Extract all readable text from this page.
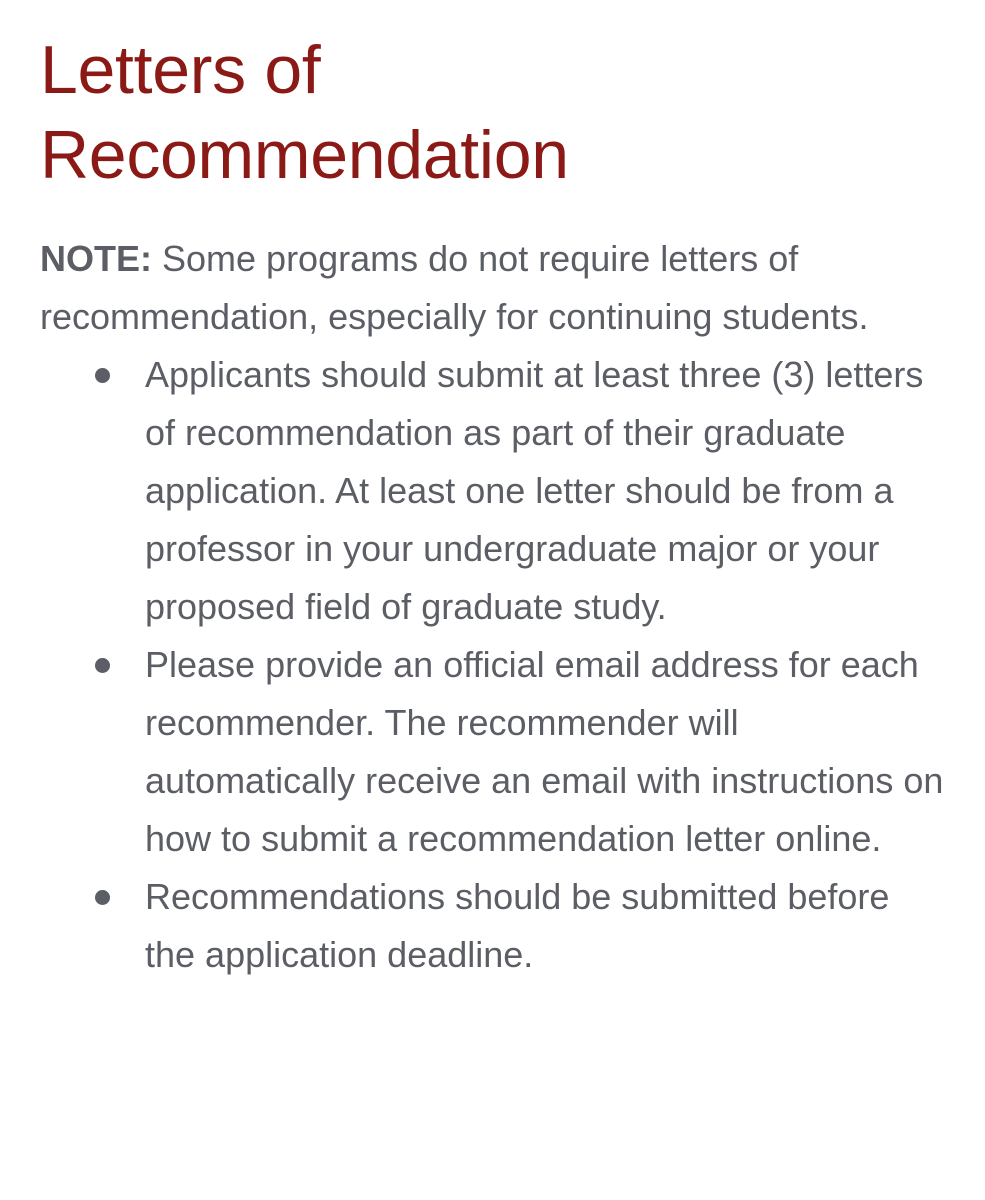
Letters of
Recommendation

NOTE: Some programs do not require letters of recommendation, especially for continuing students.

Applicants should submit at least three (3) letters of recommendation as part of their graduate application. At least one letter should be from a professor in your undergraduate major or your proposed field of graduate study.
Please provide an official email address for each recommender. The recommender will automatically receive an email with instructions on how to submit a recommendation letter online.
Recommendations should be submitted before the application deadline.
